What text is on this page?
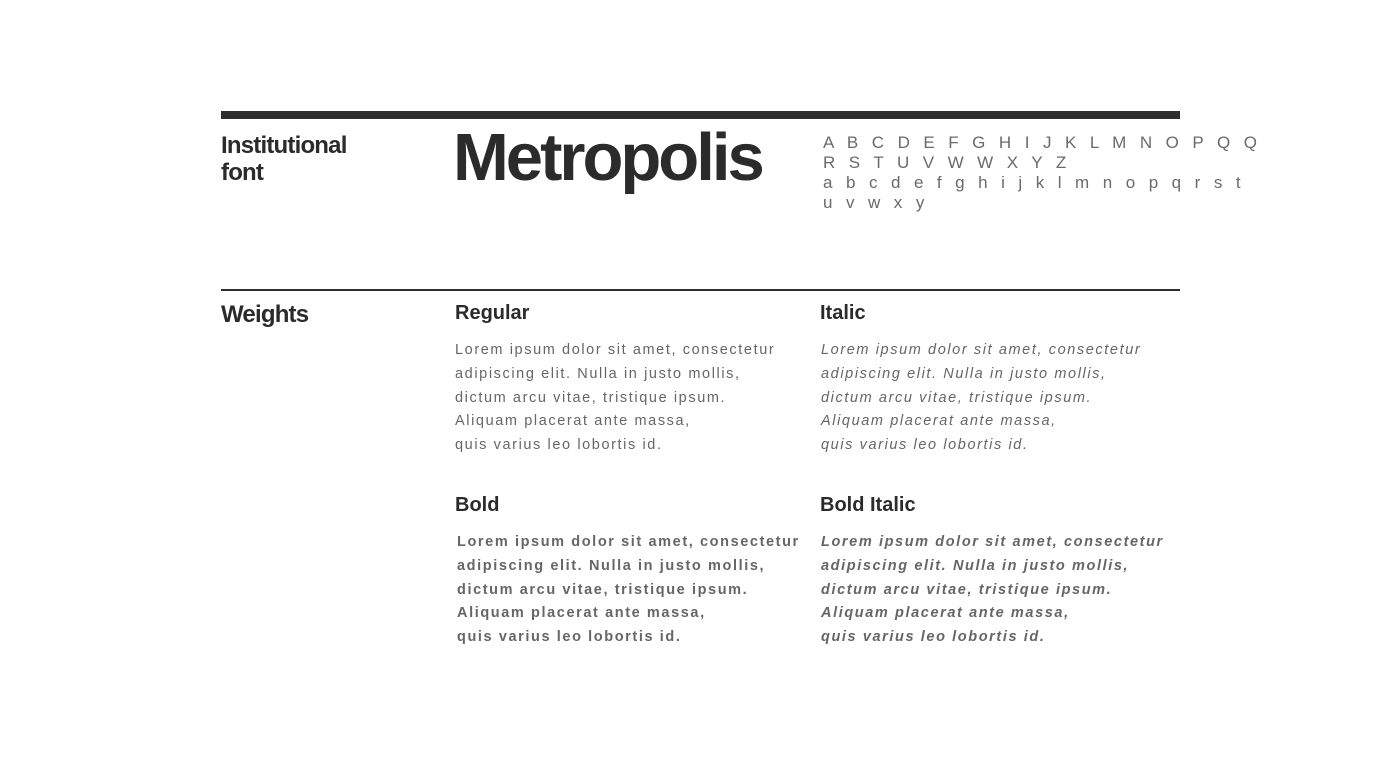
Institutional
font	Metropolis	A B C D E F G H I J K L M N O P Q Q
R S T U V W W X Y Z
a b c d e f g h i j k l m n o p q r s t
u v w x y
Weights	Regular
Lorem ipsum dolor sit amet, consectetur
adipiscing elit. Nulla in justo mollis,
dictum arcu vitae, tristique ipsum.
Aliquam placerat ante massa,
quis varius leo lobortis id.
Italic
Lorem ipsum dolor sit amet, consectetur
adipiscing elit. Nulla in justo mollis,
dictum arcu vitae, tristique ipsum.
Aliquam placerat ante massa,
quis varius leo lobortis id.
Bold
Lorem ipsum dolor sit amet, consectetur
adipiscing elit. Nulla in justo mollis,
dictum arcu vitae, tristique ipsum.
Aliquam placerat ante massa,
quis varius leo lobortis id.
Bold Italic
Lorem ipsum dolor sit amet, consectetur
adipiscing elit. Nulla in justo mollis,
dictum arcu vitae, tristique ipsum.
Aliquam placerat ante massa,
quis varius leo lobortis id.
